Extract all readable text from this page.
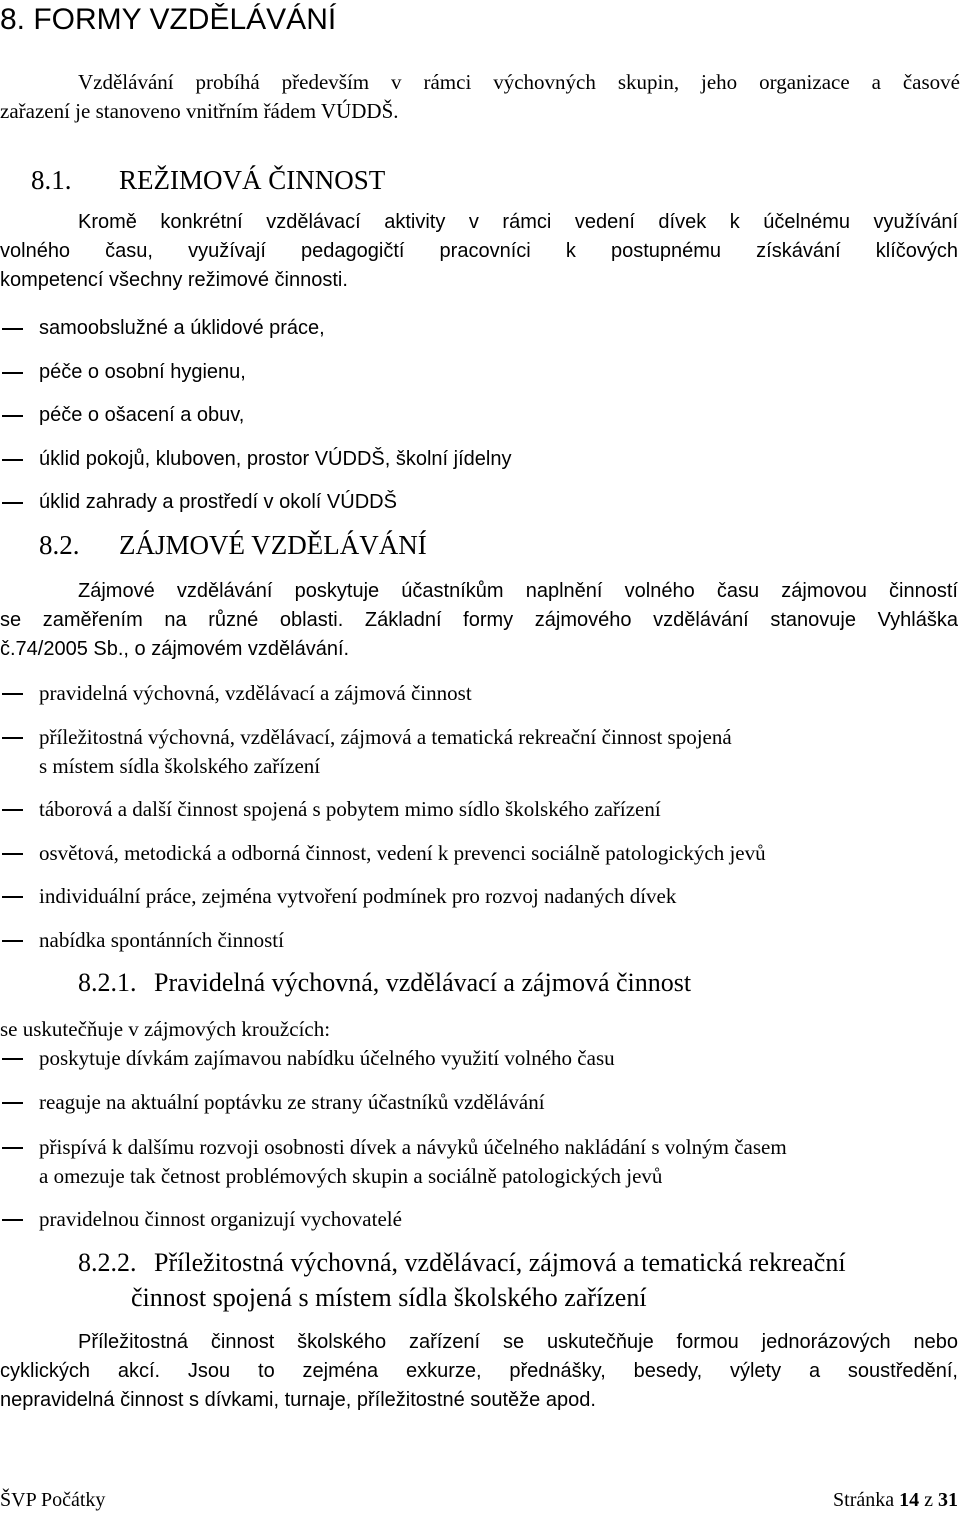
8. FORMY VZDĚLÁVÁNÍ
Vzdělávání probíhá především v rámci výchovných skupin, jeho organizace a časové
zařazení je stanoveno vnitřním řádem VÚDDŠ.
8.1. REŽIMOVÁ ČINNOST
Kromě konkrétní vzdělávací aktivity v rámci vedení dívek k účelnému využívání
volného času, využívají pedagogičtí pracovníci k postupnému získávání klíčových
kompetencí všechny režimové činnosti.
samoobslužné a úklidové práce,
péče o osobní hygienu,
péče o ošacení a obuv,
úklid pokojů, kluboven, prostor VÚDDŠ, školní jídelny
úklid zahrady a prostředí v okolí VÚDDŠ
8.2. ZÁJMOVÉ VZDĚLÁVÁNÍ
Zájmové vzdělávání poskytuje účastníkům naplnění volného času zájmovou činností
se zaměřením na různé oblasti. Základní formy zájmového vzdělávání stanovuje Vyhláška
č.74/2005 Sb., o zájmovém vzdělávání.
pravidelná výchovná, vzdělávací a zájmová činnost
příležitostná výchovná, vzdělávací, zájmová a tematická rekreační činnost spojená
s místem sídla školského zařízení
táborová a další činnost spojená s pobytem mimo sídlo školského zařízení
osvětová, metodická a odborná činnost, vedení k prevenci sociálně patologických jevů
individuální práce, zejména vytvoření podmínek pro rozvoj nadaných dívek
nabídka spontánních činností
8.2.1. Pravidelná výchovná, vzdělávací a zájmová činnost
se uskutečňuje v zájmových kroužcích:
poskytuje dívkám zajímavou nabídku účelného využití volného času
reaguje na aktuální poptávku ze strany účastníků vzdělávání
přispívá k dalšímu rozvoji osobnosti dívek a návyků účelného nakládání s volným časem
a omezuje tak četnost problémových skupin a sociálně patologických jevů
pravidelnou činnost organizují vychovatelé
8.2.2. Příležitostná výchovná, vzdělávací, zájmová a tematická rekreační
činnost spojená s místem sídla školského zařízení
Příležitostná činnost školského zařízení se uskutečňuje formou jednorázových nebo
cyklických akcí. Jsou to zejména exkurze, přednášky, besedy, výlety a soustředění,
nepravidelná činnost s dívkami, turnaje, příležitostné soutěže apod.
ŠVP Počátky	Stránka 14 z 31
